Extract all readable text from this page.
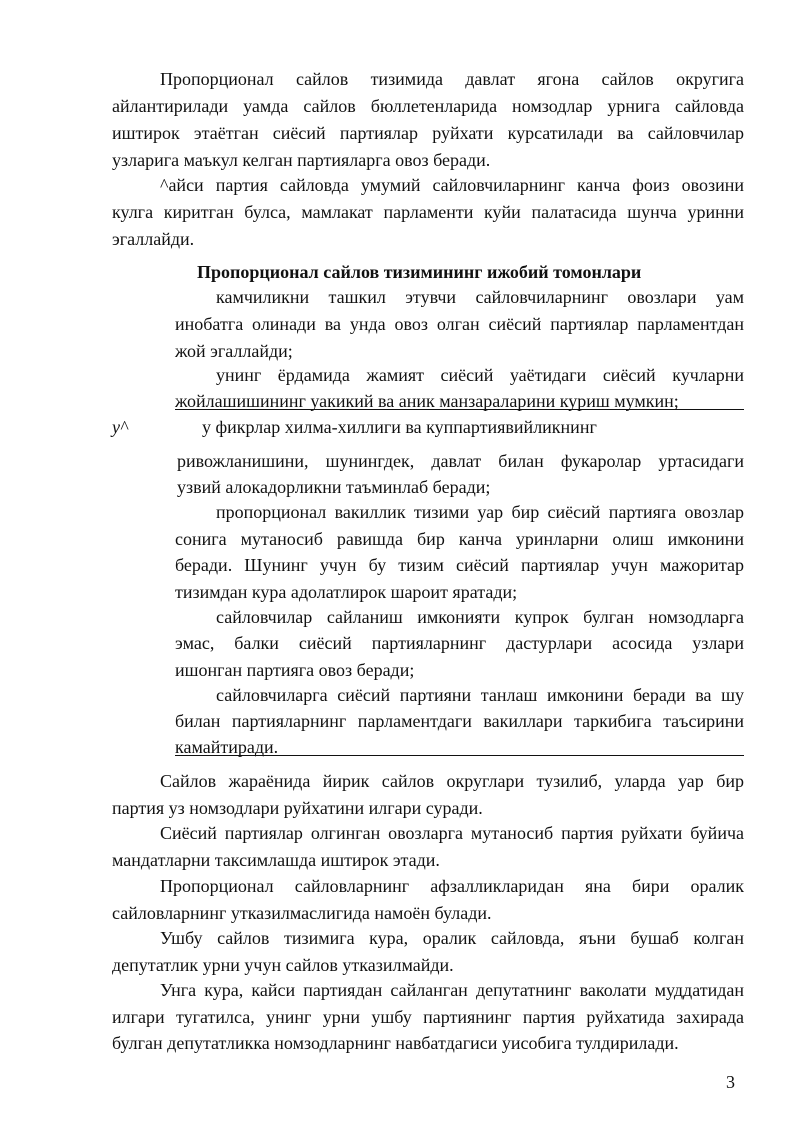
Пропорционал сайлов тизимида давлат ягона сайлов округига
айлантирилади уамда сайлов бюллетенларида номзодлар урнига сайловда
иштирок этаётган сиёсий партиялар руйхати курсатилади ва сайловчилар
узларига маъкул келган партияларга овоз беради.
^айси партия сайловда умумий сайловчиларнинг канча фоиз овозини
кулга киритган булса, мамлакат парламенти куйи палатасида шунча уринни
эгаллайди.
Пропорционал сайлов тизимининг ижобий томонлари
камчиликни ташкил этувчи сайловчиларнинг овозлари уам
инобатга олинади ва унда овоз олган сиёсий партиялар парламентдан
жой эгаллайди;
унинг ёрдамида жамият сиёсий уаётидаги сиёсий кучларни
жойлашишининг уакикий ва аник манзараларини куриш мумкин;
у^	у фикрлар хилма-хиллиги ва куппартиявийликнинг
ривожланишини, шунингдек, давлат билан фукаролар уртасидаги
узвий алокадорликни таъминлаб беради;
пропорционал вакиллик тизими уар бир сиёсий партияга овозлар
сонига мутаносиб равишда бир канча уринларни олиш имконини
беради. Шунинг учун бу тизим сиёсий партиялар учун мажоритар
тизимдан кура адолатлирок шароит яратади;
сайловчилар сайланиш имконияти купрок булган номзодларга
эмас, балки сиёсий партияларнинг дастурлари асосида узлари
ишонган партияга овоз беради;
сайловчиларга сиёсий партияни танлаш имконини беради ва шу
билан партияларнинг парламентдаги вакиллари таркибига таъсирини
камайтиради.
Сайлов жараёнида йирик сайлов округлари тузилиб, уларда уар бир
партия уз номзодлари руйхатини илгари суради.
Сиёсий партиялар олгинган овозларга мутаносиб партия руйхати буйича
мандатларни таксимлашда иштирок этади.
Пропорционал сайловларнинг афзалликларидан яна бири оралик
сайловларнинг утказилмаслигида намоён булади.
Ушбу сайлов тизимига кура, оралик сайловда, яъни бушаб колган
депутатлик урни учун сайлов утказилмайди.
Унга кура, кайси партиядан сайланган депутатнинг ваколати муддатидан
илгари тугатилса, унинг урни ушбу партиянинг партия руйхатида захирада
булган депутатликка номзодларнинг навбатдагиси уисобига тулдирилади.
3
